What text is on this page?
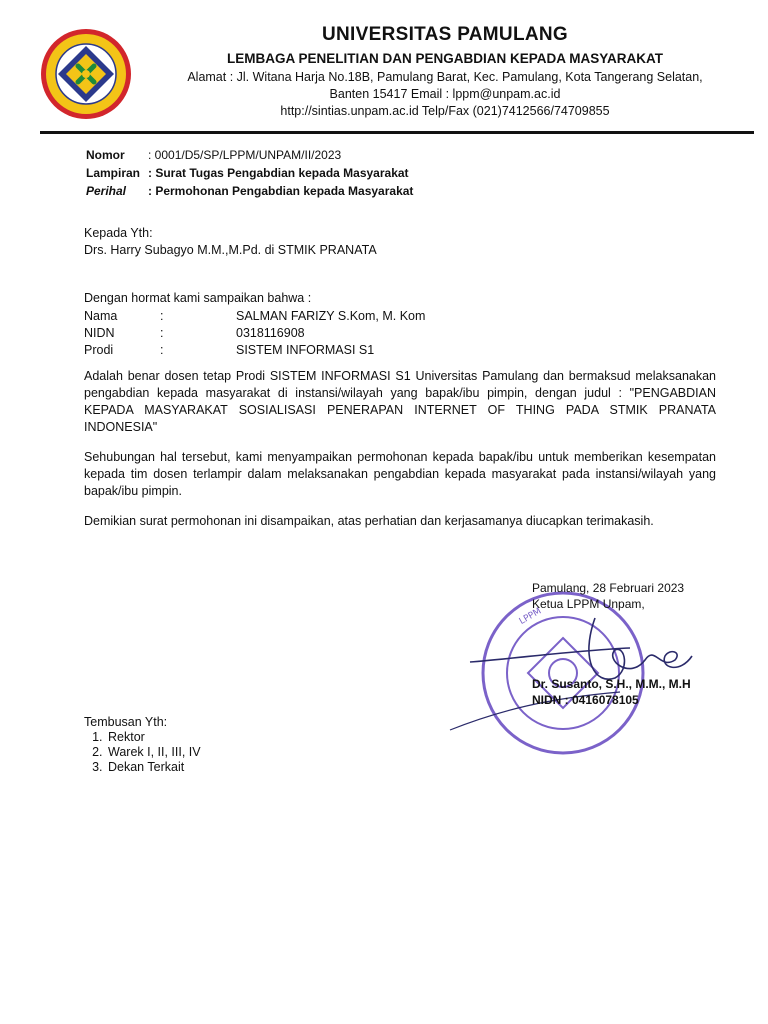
UNIVERSITAS PAMULANG
LEMBAGA PENELITIAN DAN PENGABDIAN KEPADA MASYARAKAT
Alamat : Jl. Witana Harja No.18B, Pamulang Barat, Kec. Pamulang, Kota Tangerang Selatan,
Banten 15417 Email : lppm@unpam.ac.id
http://sintias.unpam.ac.id Telp/Fax (021)7412566/74709855
Nomor	: 0001/D5/SP/LPPM/UNPAM/II/2023
Lampiran : Surat Tugas Pengabdian kepada Masyarakat
Perihal	: Permohonan Pengabdian kepada Masyarakat
Kepada Yth:
Drs. Harry Subagyo M.M.,M.Pd. di STMIK PRANATA
Dengan hormat kami sampaikan bahwa :
Nama	:	SALMAN FARIZY S.Kom, M. Kom
NIDN	:	0318116908
Prodi	:	SISTEM INFORMASI S1
Adalah benar dosen tetap Prodi SISTEM INFORMASI S1 Universitas Pamulang dan bermaksud melaksanakan pengabdian kepada masyarakat di instansi/wilayah yang bapak/ibu pimpin, dengan judul : "PENGABDIAN KEPADA MASYARAKAT SOSIALISASI PENERAPAN INTERNET OF THING PADA STMIK PRANATA INDONESIA"
Sehubungan hal tersebut, kami menyampaikan permohonan kepada bapak/ibu untuk memberikan kesempatan kepada tim dosen terlampir dalam melaksanakan pengabdian kepada masyarakat pada instansi/wilayah yang bapak/ibu pimpin.
Demikian surat permohonan ini disampaikan, atas perhatian dan kerjasamanya diucapkan terimakasih.
LPPM
Pamulang, 28 Februari 2023
Ketua LPPM Unpam,
Dr. Susanto, S.H., M.M., M.H
NIDN : 0416078105
Tembusan Yth:
1. Rektor
2. Warek I, II, III, IV
3. Dekan Terkait
